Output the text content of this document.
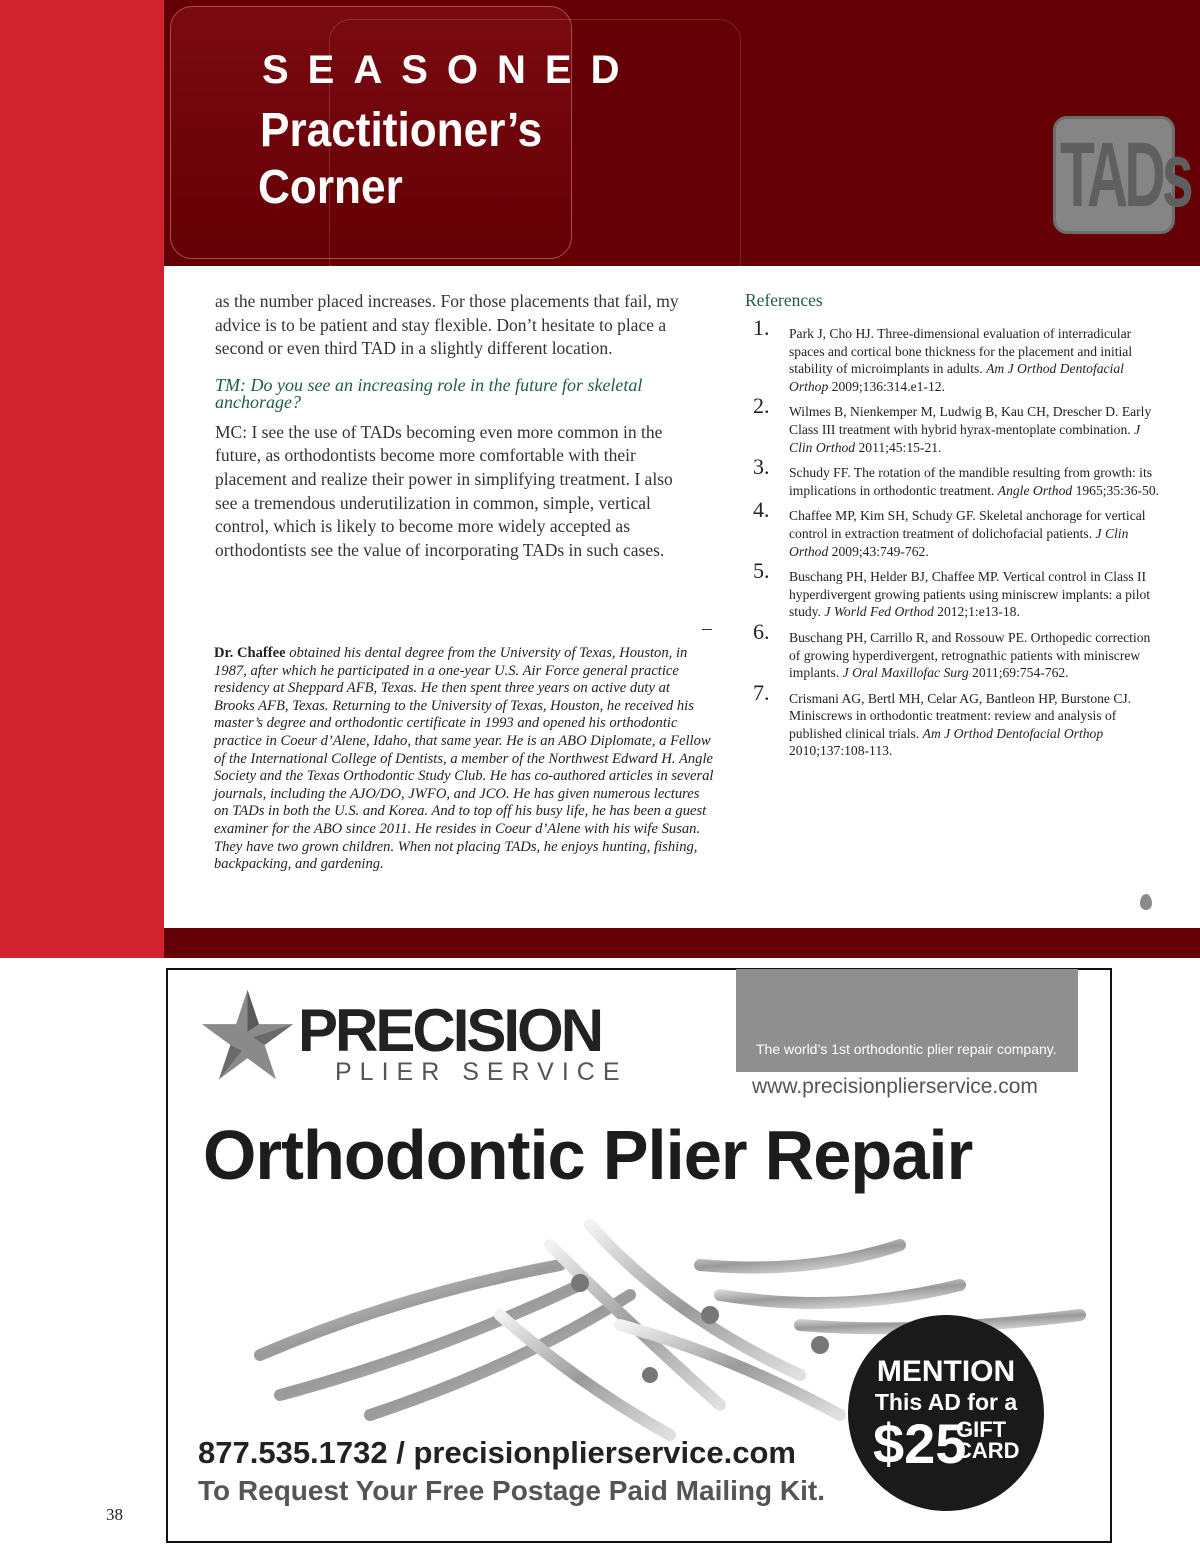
SEASONED
Practitioner’s
Corner	TADs

as the number placed increases. For those placements that fail, my advice is to be patient and stay flexible. Don’t hesitate to place a second or even third TAD in a slightly different location.

TM: Do you see an increasing role in the future for skeletal anchorage?

MC: I see the use of TADs becoming even more common in the future, as orthodontists become more comfortable with their placement and realize their power in simplifying treatment. I also see a tremendous underutilization in common, simple, vertical control, which is likely to become more widely accepted as orthodontists see the value of incorporating TADs in such cases.

Dr. Chaffee obtained his dental degree from the University of Texas, Houston, in 1987, after which he participated in a one-year U.S. Air Force general practice residency at Sheppard AFB, Texas. He then spent three years on active duty at Brooks AFB, Texas. Returning to the University of Texas, Houston, he received his master’s degree and orthodontic certificate in 1993 and opened his orthodontic practice in Coeur d’Alene, Idaho, that same year. He is an ABO Diplomate, a Fellow of the International College of Dentists, a member of the Northwest Edward H. Angle Society and the Texas Orthodontic Study Club. He has co-authored articles in several journals, including the AJO/DO, JWFO, and JCO. He has given numerous lectures on TADs in both the U.S. and Korea. And to top off his busy life, he has been a guest examiner for the ABO since 2011. He resides in Coeur d’Alene with his wife Susan. They have two grown children. When not placing TADs, he enjoys hunting, fishing, backpacking, and gardening.
References
1. Park J, Cho HJ. Three-dimensional evaluation of interradicular spaces and cortical bone thickness for the placement and initial stability of microimplants in adults. Am J Orthod Dentofacial Orthop 2009;136:314.e1-12.
2. Wilmes B, Nienkemper M, Ludwig B, Kau CH, Drescher D. Early Class III treatment with hybrid hyrax-mentoplate combination. J Clin Orthod 2011;45:15-21.
3. Schudy FF. The rotation of the mandible resulting from growth: its implications in orthodontic treatment. Angle Orthod 1965;35:36-50.
4. Chaffee MP, Kim SH, Schudy GF. Skeletal anchorage for vertical control in extraction treatment of dolichofacial patients. J Clin Orthod 2009;43:749-762.
5. Buschang PH, Helder BJ, Chaffee MP. Vertical control in Class II hyperdivergent growing patients using miniscrew implants: a pilot study. J World Fed Orthod 2012;1:e13-18.
6. Buschang PH, Carrillo R, and Rossouw PE. Orthopedic correction of growing hyperdivergent, retrognathic patients with miniscrew implants. J Oral Maxillofac Surg 2011;69:754-762.
7. Crismani AG, Bertl MH, Celar AG, Bantleon HP, Burstone CJ. Miniscrews in orthodontic treatment: review and analysis of published clinical trials. Am J Orthod Dentofacial Orthop 2010;137:108-113.
PRECISION
PLIER SERVICE
The world’s 1st orthodontic plier repair company.
www.precisionplierservice.com
Orthodontic Plier Repair
MENTION
This AD for a
$25
GIFT
CARD
877.535.1732 / precisionplierservice.com
To Request Your Free Postage Paid Mailing Kit.
38
